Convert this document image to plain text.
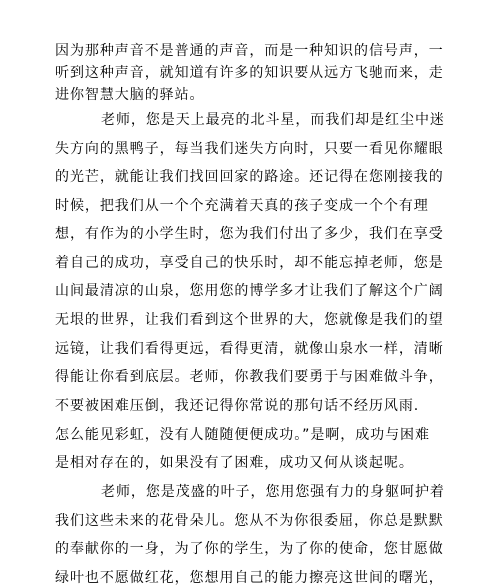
因为那种声音不是普通的声音，而是一种知识的信号声，一
听到这种声音，就知道有许多的知识要从远方飞驰而来，走
进你智慧大脑的驿站。
老师，您是天上最亮的北斗星，而我们却是红尘中迷
失方向的黑鸭子，每当我们迷失方向时，只要一看见你耀眼
的光芒，就能让我们找回回家的路途。还记得在您刚接我的
时候，把我们从一个个充满着天真的孩子变成一个个有理
想，有作为的小学生时，您为我们付出了多少，我们在享受
着自己的成功，享受自己的快乐时，却不能忘掉老师，您是
山间最清凉的山泉，您用您的博学多才让我们了解这个广阔
无垠的世界，让我们看到这个世界的大，您就像是我们的望
远镜，让我们看得更远，看得更清，就像山泉水一样，清晰
得能让你看到底层。老师，你教我们要勇于与困难做斗争，
不要被困难压倒，我还记得你常说的那句话不经历风雨.
怎么能见彩虹，没有人随随便便成功。”是啊，成功与困难
是相对存在的，如果没有了困难，成功又何从谈起呢。
老师，您是茂盛的叶子，您用您强有力的身躯呵护着
我们这些未来的花骨朵儿。您从不为你很委屈，你总是默默
的奉献你的一身，为了你的学生，为了你的使命，您甘愿做
绿叶也不愿做红花，您想用自己的能力擦亮这世间的曙光，
